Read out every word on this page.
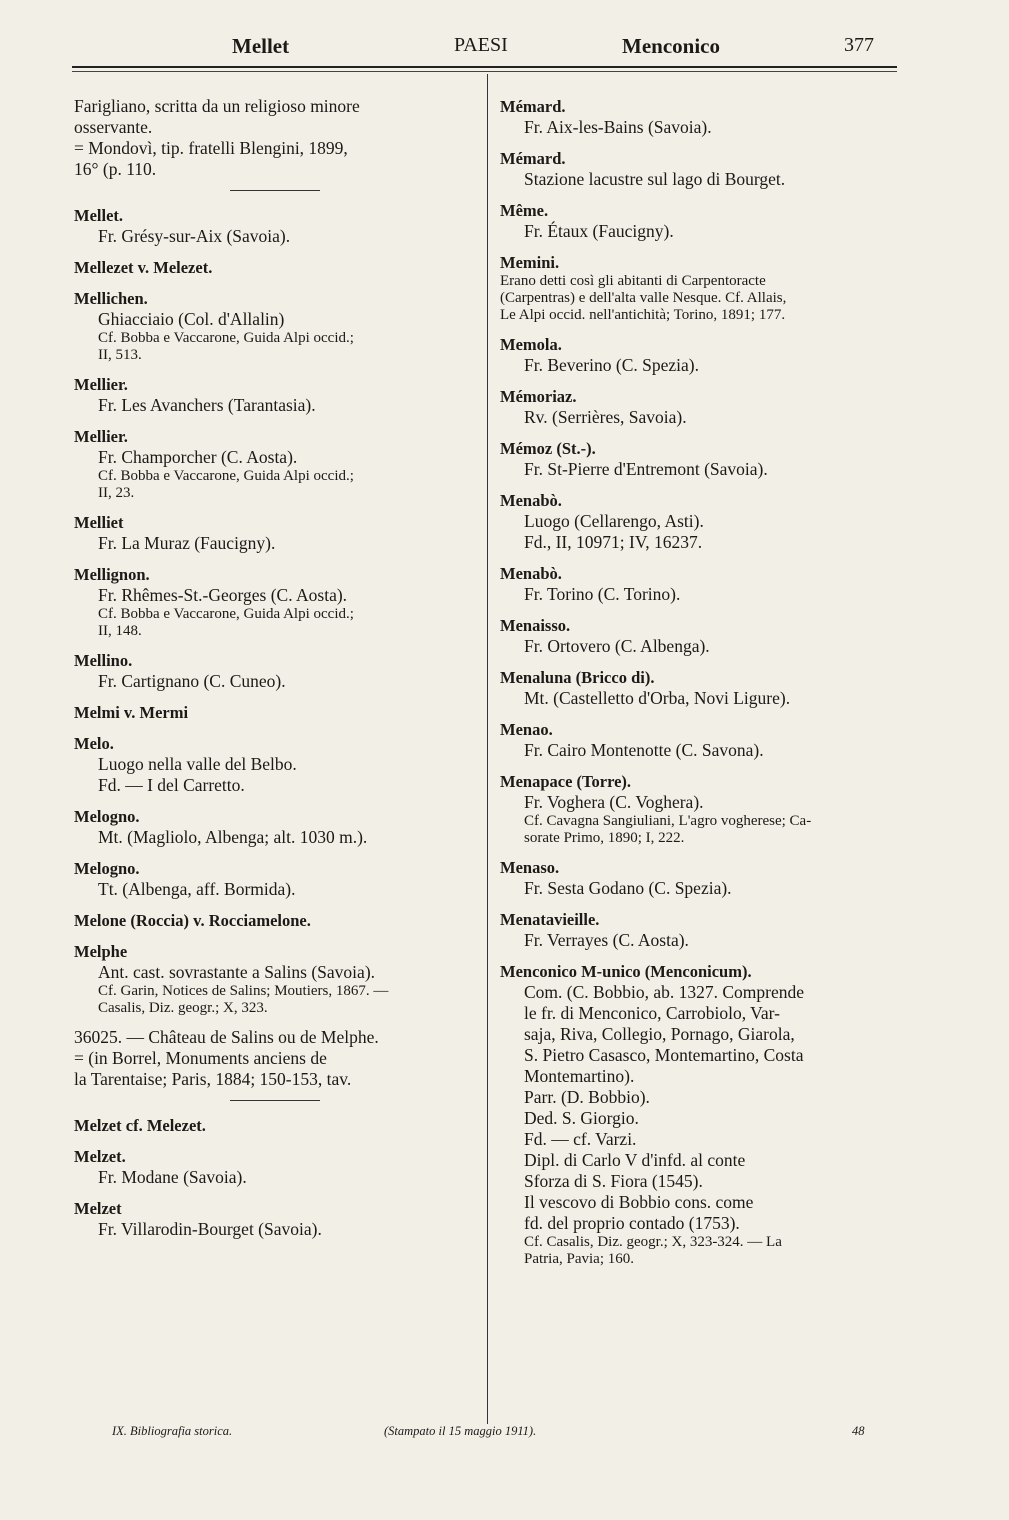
Mellet	PAESI	Menconico	377
Farigliano, scritta da un religioso minore
osservante.
= Mondovì, tip. fratelli Blengini, 1899,
16° (p. 110.
Mellet.
Fr. Grésy-sur-Aix (Savoia).
Mellezet v. Melezet.
Mellichen.
Ghiacciaio (Col. d'Allalin)
Cf. Bobba e Vaccarone, Guida Alpi occid.;
II, 513.
Mellier.
Fr. Les Avanchers (Tarantasia).
Mellier.
Fr. Champorcher (C. Aosta).
Cf. Bobba e Vaccarone, Guida Alpi occid.;
II, 23.
Melliet
Fr. La Muraz (Faucigny).
Mellignon.
Fr. Rhêmes-St.-Georges (C. Aosta).
Cf. Bobba e Vaccarone, Guida Alpi occid.;
II, 148.
Mellino.
Fr. Cartignano (C. Cuneo).
Melmi v. Mermi
Melo.
Luogo nella valle del Belbo.
Fd. — I del Carretto.
Melogno.
Mt. (Magliolo, Albenga; alt. 1030 m.).
Melogno.
Tt. (Albenga, aff. Bormida).
Melone (Roccia) v. Rocciamelone.
Melphe
Ant. cast. sovrastante a Salins (Savoia).
Cf. Garin, Notices de Salins; Moutiers, 1867. —
Casalis, Diz. geogr.; X, 323.
36025. — Château de Salins ou de Melphe.
= (in Borrel, Monuments anciens de
la Tarentaise; Paris, 1884; 150-153, tav.
Melzet cf. Melezet.
Melzet.
Fr. Modane (Savoia).
Melzet
Fr. Villarodin-Bourget (Savoia).
Mémard.
Fr. Aix-les-Bains (Savoia).
Mémard.
Stazione lacustre sul lago di Bourget.
Même.
Fr. Étaux (Faucigny).
Memini.
Erano detti così gli abitanti di Carpentoracte
(Carpentras) e dell'alta valle Nesque. Cf. Allais,
Le Alpi occid. nell'antichità; Torino, 1891; 177.
Memola.
Fr. Beverino (C. Spezia).
Mémoriaz.
Rv. (Serrières, Savoia).
Mémoz (St.-).
Fr. St-Pierre d'Entremont (Savoia).
Menabò.
Luogo (Cellarengo, Asti).
Fd., II, 10971; IV, 16237.
Menabò.
Fr. Torino (C. Torino).
Menaisso.
Fr. Ortovero (C. Albenga).
Menaluna (Bricco di).
Mt. (Castelletto d'Orba, Novi Ligure).
Menao.
Fr. Cairo Montenotte (C. Savona).
Menapace (Torre).
Fr. Voghera (C. Voghera).
Cf. Cavagna Sangiuliani, L'agro vogherese; Ca-
sorate Primo, 1890; I, 222.
Menaso.
Fr. Sesta Godano (C. Spezia).
Menatavieille.
Fr. Verrayes (C. Aosta).
Menconico M-unico (Menconicum).
Com. (C. Bobbio, ab. 1327. Comprende
le fr. di Menconico, Carrobiolo, Var-
saja, Riva, Collegio, Pornago, Giarola,
S. Pietro Casasco, Montemartino, Costa
Montemartino).
Parr. (D. Bobbio).
Ded. S. Giorgio.
Fd. — cf. Varzi.
Dipl. di Carlo V d'infd. al conte
Sforza di S. Fiora (1545).
Il vescovo di Bobbio cons. come
fd. del proprio contado (1753).
Cf. Casalis, Diz. geogr.; X, 323-324. — La
Patria, Pavia; 160.
IX. Bibliografia storica.	(Stampato il 15 maggio 1911).	48
